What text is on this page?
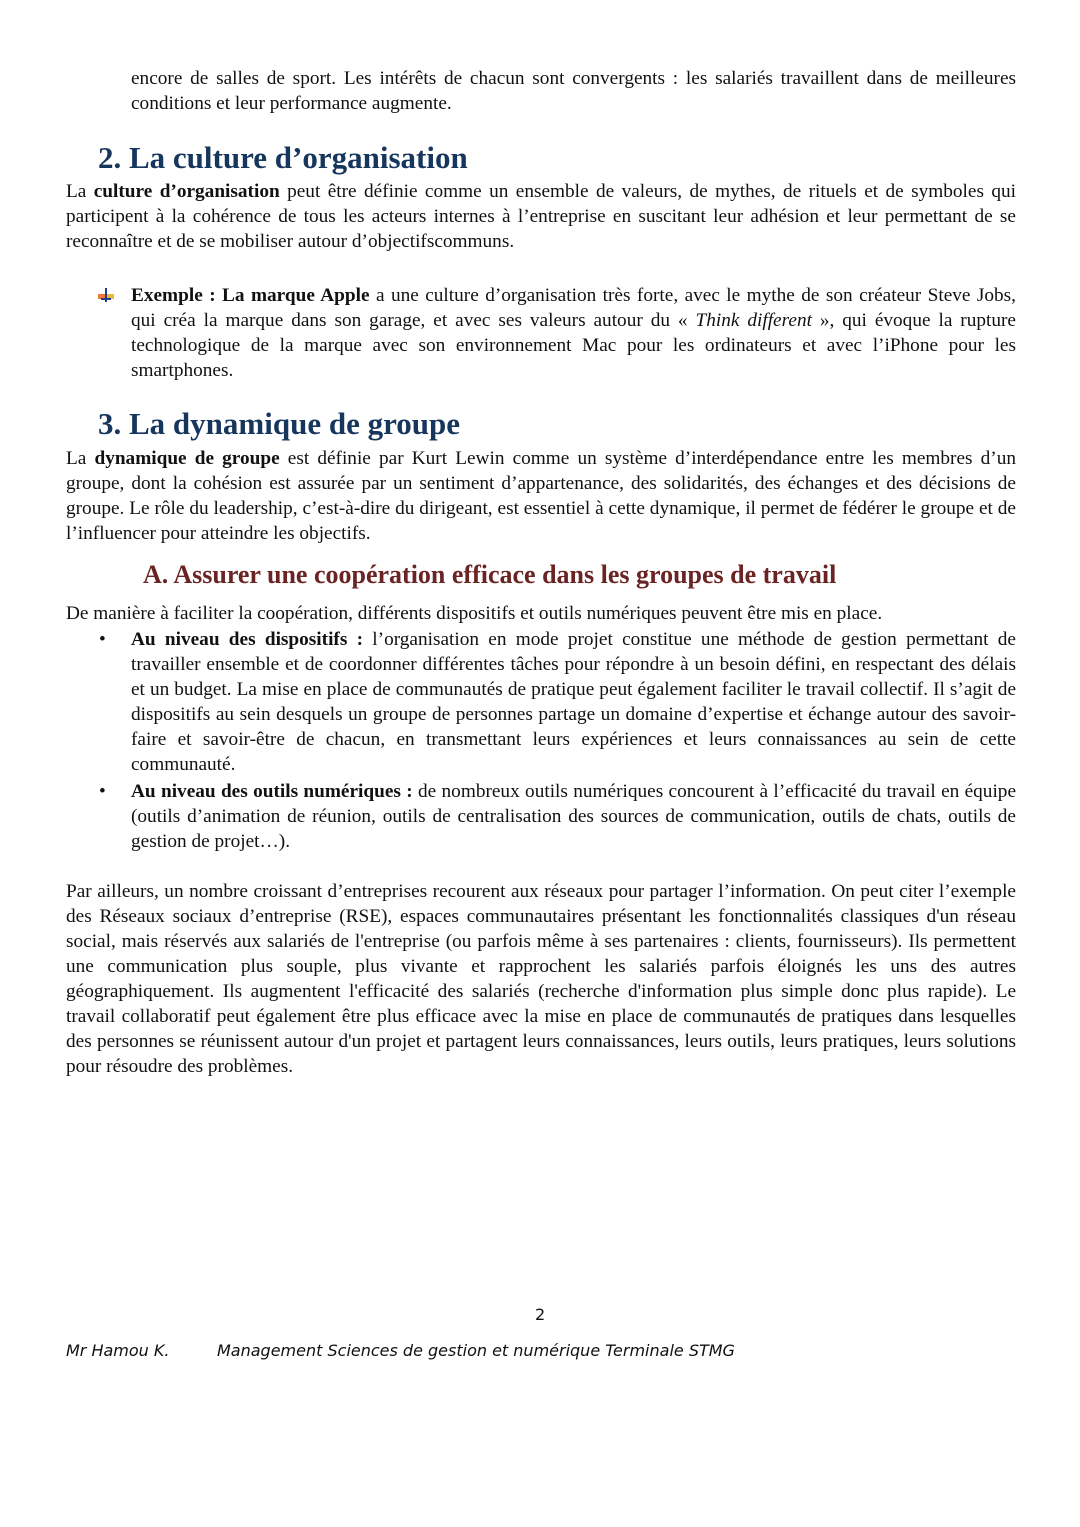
encore de salles de sport. Les intérêts de chacun sont convergents : les salariés travaillent dans de meilleures conditions et leur performance augmente.
2. La culture d’organisation
La culture d’organisation peut être définie comme un ensemble de valeurs, de mythes, de rituels et de symboles qui participent à la cohérence de tous les acteurs internes à l’entreprise en suscitant leur adhésion et leur permettant de se reconnaître et de se mobiliser autour d’objectifscommuns.
Exemple : La marque Apple a une culture d’organisation très forte, avec le mythe de son créateur Steve Jobs, qui créa la marque dans son garage, et avec ses valeurs autour du « Think different », qui évoque la rupture technologique de la marque avec son environnement Mac pour les ordinateurs et avec l’iPhone pour les smartphones.
3. La dynamique de groupe
La dynamique de groupe est définie par Kurt Lewin comme un système d’interdépendance entre les membres d’un groupe, dont la cohésion est assurée par un sentiment d’appartenance, des solidarités, des échanges et des décisions de groupe. Le rôle du leadership, c’est-à-dire du dirigeant, est essentiel à cette dynamique, il permet de fédérer le groupe et de l’influencer pour atteindre les objectifs.
A. Assurer une coopération efficace dans les groupes de travail
De manière à faciliter la coopération, différents dispositifs et outils numériques peuvent être mis en place.
• Au niveau des dispositifs : l’organisation en mode projet constitue une méthode de gestion permettant de travailler ensemble et de coordonner différentes tâches pour répondre à un besoin défini, en respectant des délais et un budget. La mise en place de communautés de pratique peut également faciliter le travail collectif. Il s’agit de dispositifs au sein desquels un groupe de personnes partage un domaine d’expertise et échange autour des savoir-faire et savoir-être de chacun, en transmettant leurs expériences et leurs connaissances au sein de cette communauté.
• Au niveau des outils numériques : de nombreux outils numériques concourent à l’efficacité du travail en équipe (outils d’animation de réunion, outils de centralisation des sources de communication, outils de chats, outils de gestion de projet…).
Par ailleurs, un nombre croissant d’entreprises recourent aux réseaux pour partager l’information. On peut citer l’exemple des Réseaux sociaux d’entreprise (RSE), espaces communautaires présentant les fonctionnalités classiques d'un réseau social, mais réservés aux salariés de l'entreprise (ou parfois même à ses partenaires : clients, fournisseurs). Ils permettent une communication plus souple, plus vivante et rapprochent les salariés parfois éloignés les uns des autres géographiquement. Ils augmentent l'efficacité des salariés (recherche d'information plus simple donc plus rapide). Le travail collaboratif peut également être plus efficace avec la mise en place de communautés de pratiques dans lesquelles des personnes se réunissent autour d'un projet et partagent leurs connaissances, leurs outils, leurs pratiques, leurs solutions pour résoudre des problèmes.
2
Mr Hamou K.	Management Sciences de gestion et numérique Terminale STMG
